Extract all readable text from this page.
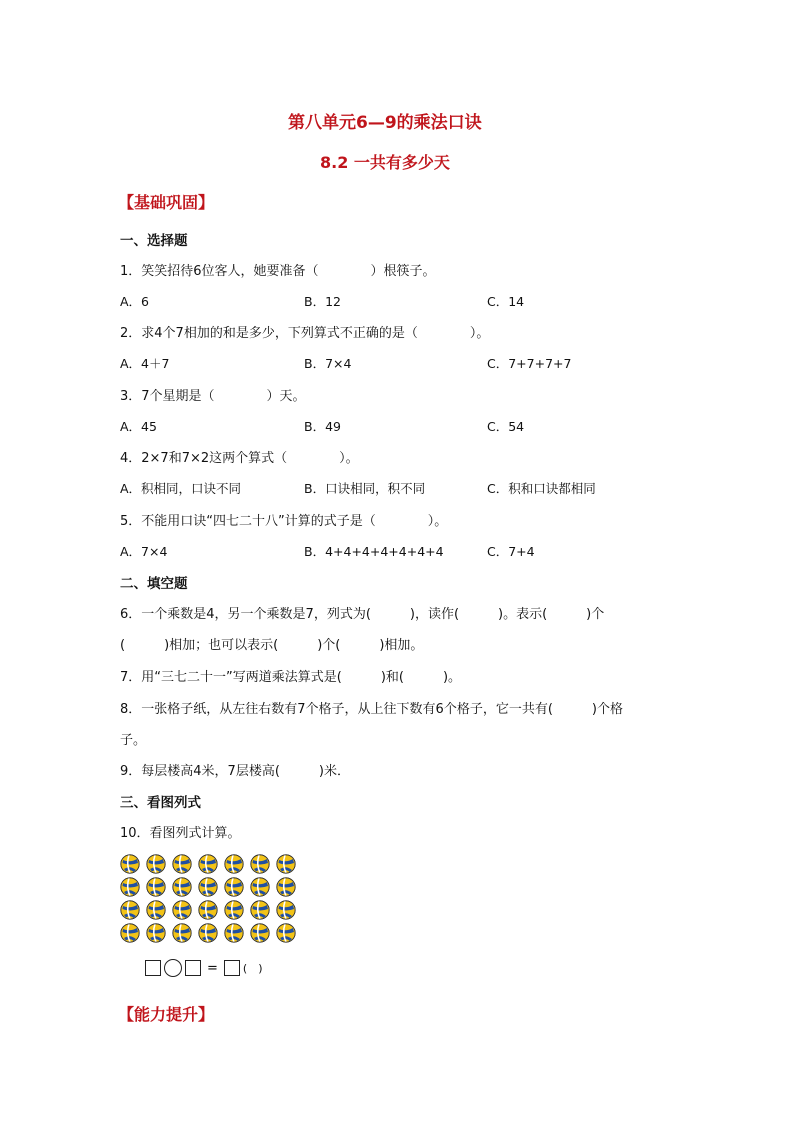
第八单元6—9的乘法口诀
8.2 一共有多少天
【基础巩固】
一、选择题
1．笑笑招待6位客人，她要准备（　　　　）根筷子。
A．6	B．12	C．14
2．求4个7相加的和是多少，下列算式不正确的是（　　　　）。
A．4＋7	B．7×4	C．7+7+7+7
3．7个星期是（　　　　）天。
A．45	B．49	C．54
4．2×7和7×2这两个算式（　　　　）。
A．积相同，口诀不同	B．口诀相同，积不同	C．积和口诀都相同
5．不能用口诀“四七二十八”计算的式子是（　　　　）。
A．7×4	B．4+4+4+4+4+4+4	C．7+4
二、填空题
6．一个乘数是4，另一个乘数是7，列式为(　　　)，读作(　　　)。表示(　　　)个
(　　　)相加；也可以表示(　　　)个(　　　)相加。
7．用“三七二十一”写两道乘法算式是(　　　)和(　　　)。
8．一张格子纸，从左往右数有7个格子，从上往下数有6个格子，它一共有(　　　)个格
子。
9．每层楼高4米，7层楼高(　　　)米．
三、看图列式
10．看图列式计算。
= (　)
【能力提升】
